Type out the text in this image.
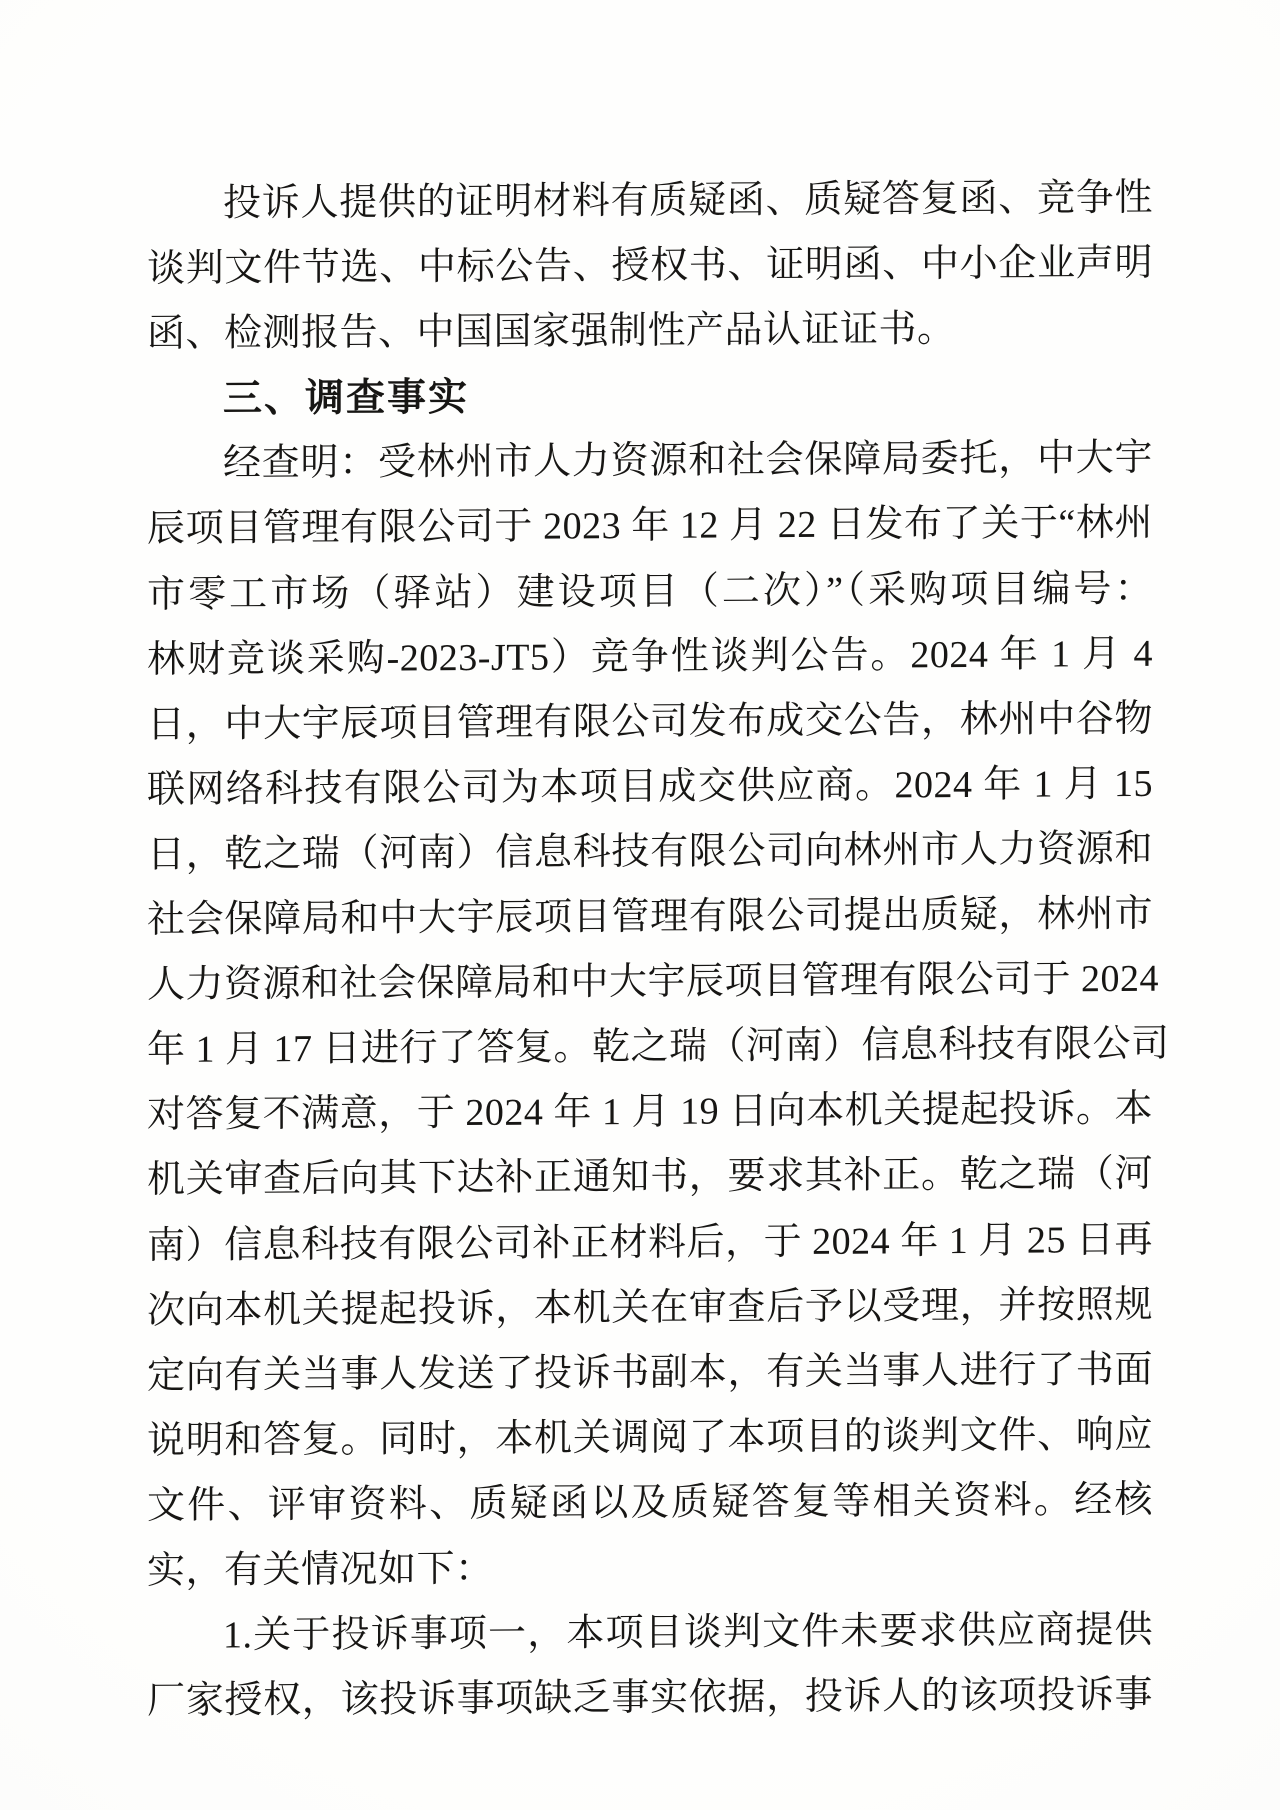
投诉人提供的证明材料有质疑函、质疑答复函、竞争性
谈判文件节选、中标公告、授权书、证明函、中小企业声明
函、检测报告、中国国家强制性产品认证证书。
三、调查事实
经查明：受林州市人力资源和社会保障局委托，中大宇
辰项目管理有限公司于 2023 年 12 月 22 日发布了关于“林州
市零工市场（驿站）建设项目（二次）”（采购项目编号：
林财竞谈采购-2023-JT5）竞争性谈判公告。2024 年 1 月 4
日，中大宇辰项目管理有限公司发布成交公告，林州中谷物
联网络科技有限公司为本项目成交供应商。2024 年 1 月 15
日，乾之瑞（河南）信息科技有限公司向林州市人力资源和
社会保障局和中大宇辰项目管理有限公司提出质疑，林州市
人力资源和社会保障局和中大宇辰项目管理有限公司于 2024
年 1 月 17 日进行了答复。乾之瑞（河南）信息科技有限公司
对答复不满意，于 2024 年 1 月 19 日向本机关提起投诉。本
机关审查后向其下达补正通知书，要求其补正。乾之瑞（河
南）信息科技有限公司补正材料后，于 2024 年 1 月 25 日再
次向本机关提起投诉，本机关在审查后予以受理，并按照规
定向有关当事人发送了投诉书副本，有关当事人进行了书面
说明和答复。同时，本机关调阅了本项目的谈判文件、响应
文件、评审资料、质疑函以及质疑答复等相关资料。经核
实，有关情况如下：
1.关于投诉事项一，本项目谈判文件未要求供应商提供
厂家授权，该投诉事项缺乏事实依据，投诉人的该项投诉事
